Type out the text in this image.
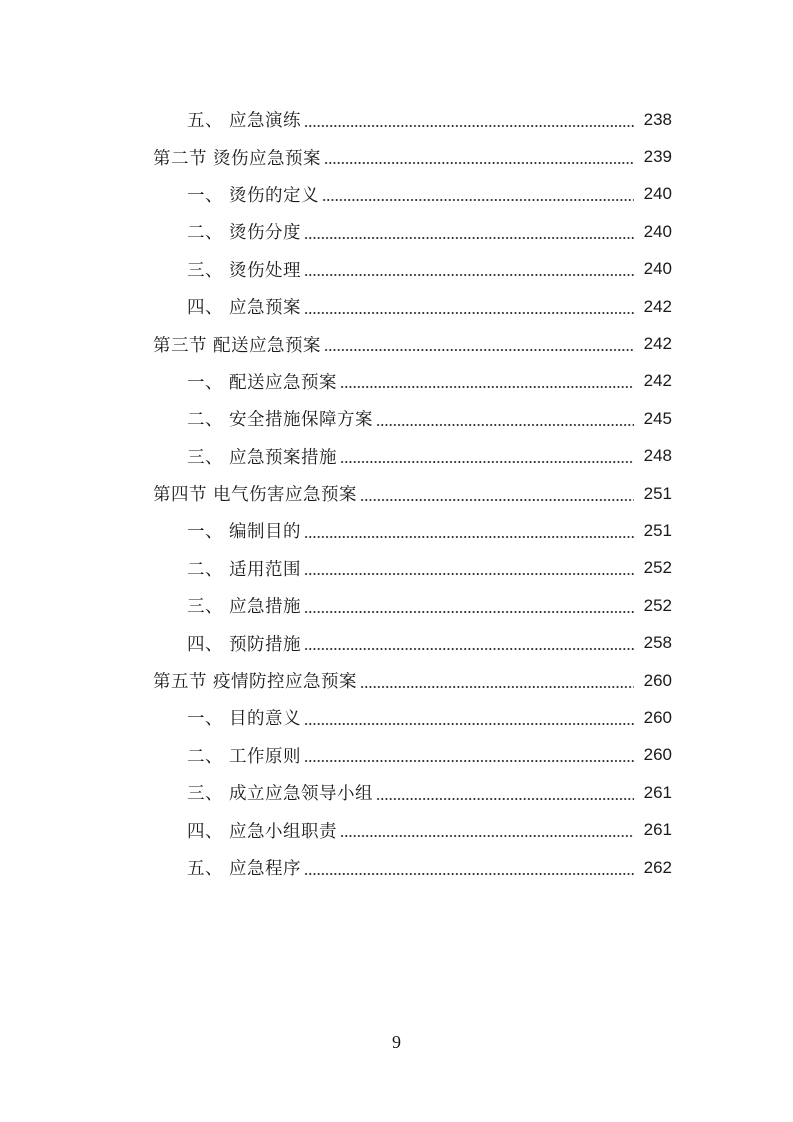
五、 应急演练	238
第二节 烫伤应急预案	239
一、 烫伤的定义	240
二、 烫伤分度	240
三、 烫伤处理	240
四、 应急预案	242
第三节 配送应急预案	242
一、 配送应急预案	242
二、 安全措施保障方案	245
三、 应急预案措施	248
第四节 电气伤害应急预案	251
一、 编制目的	251
二、 适用范围	252
三、 应急措施	252
四、 预防措施	258
第五节 疫情防控应急预案	260
一、 目的意义	260
二、 工作原则	260
三、 成立应急领导小组	261
四、 应急小组职责	261
五、 应急程序	262
9
